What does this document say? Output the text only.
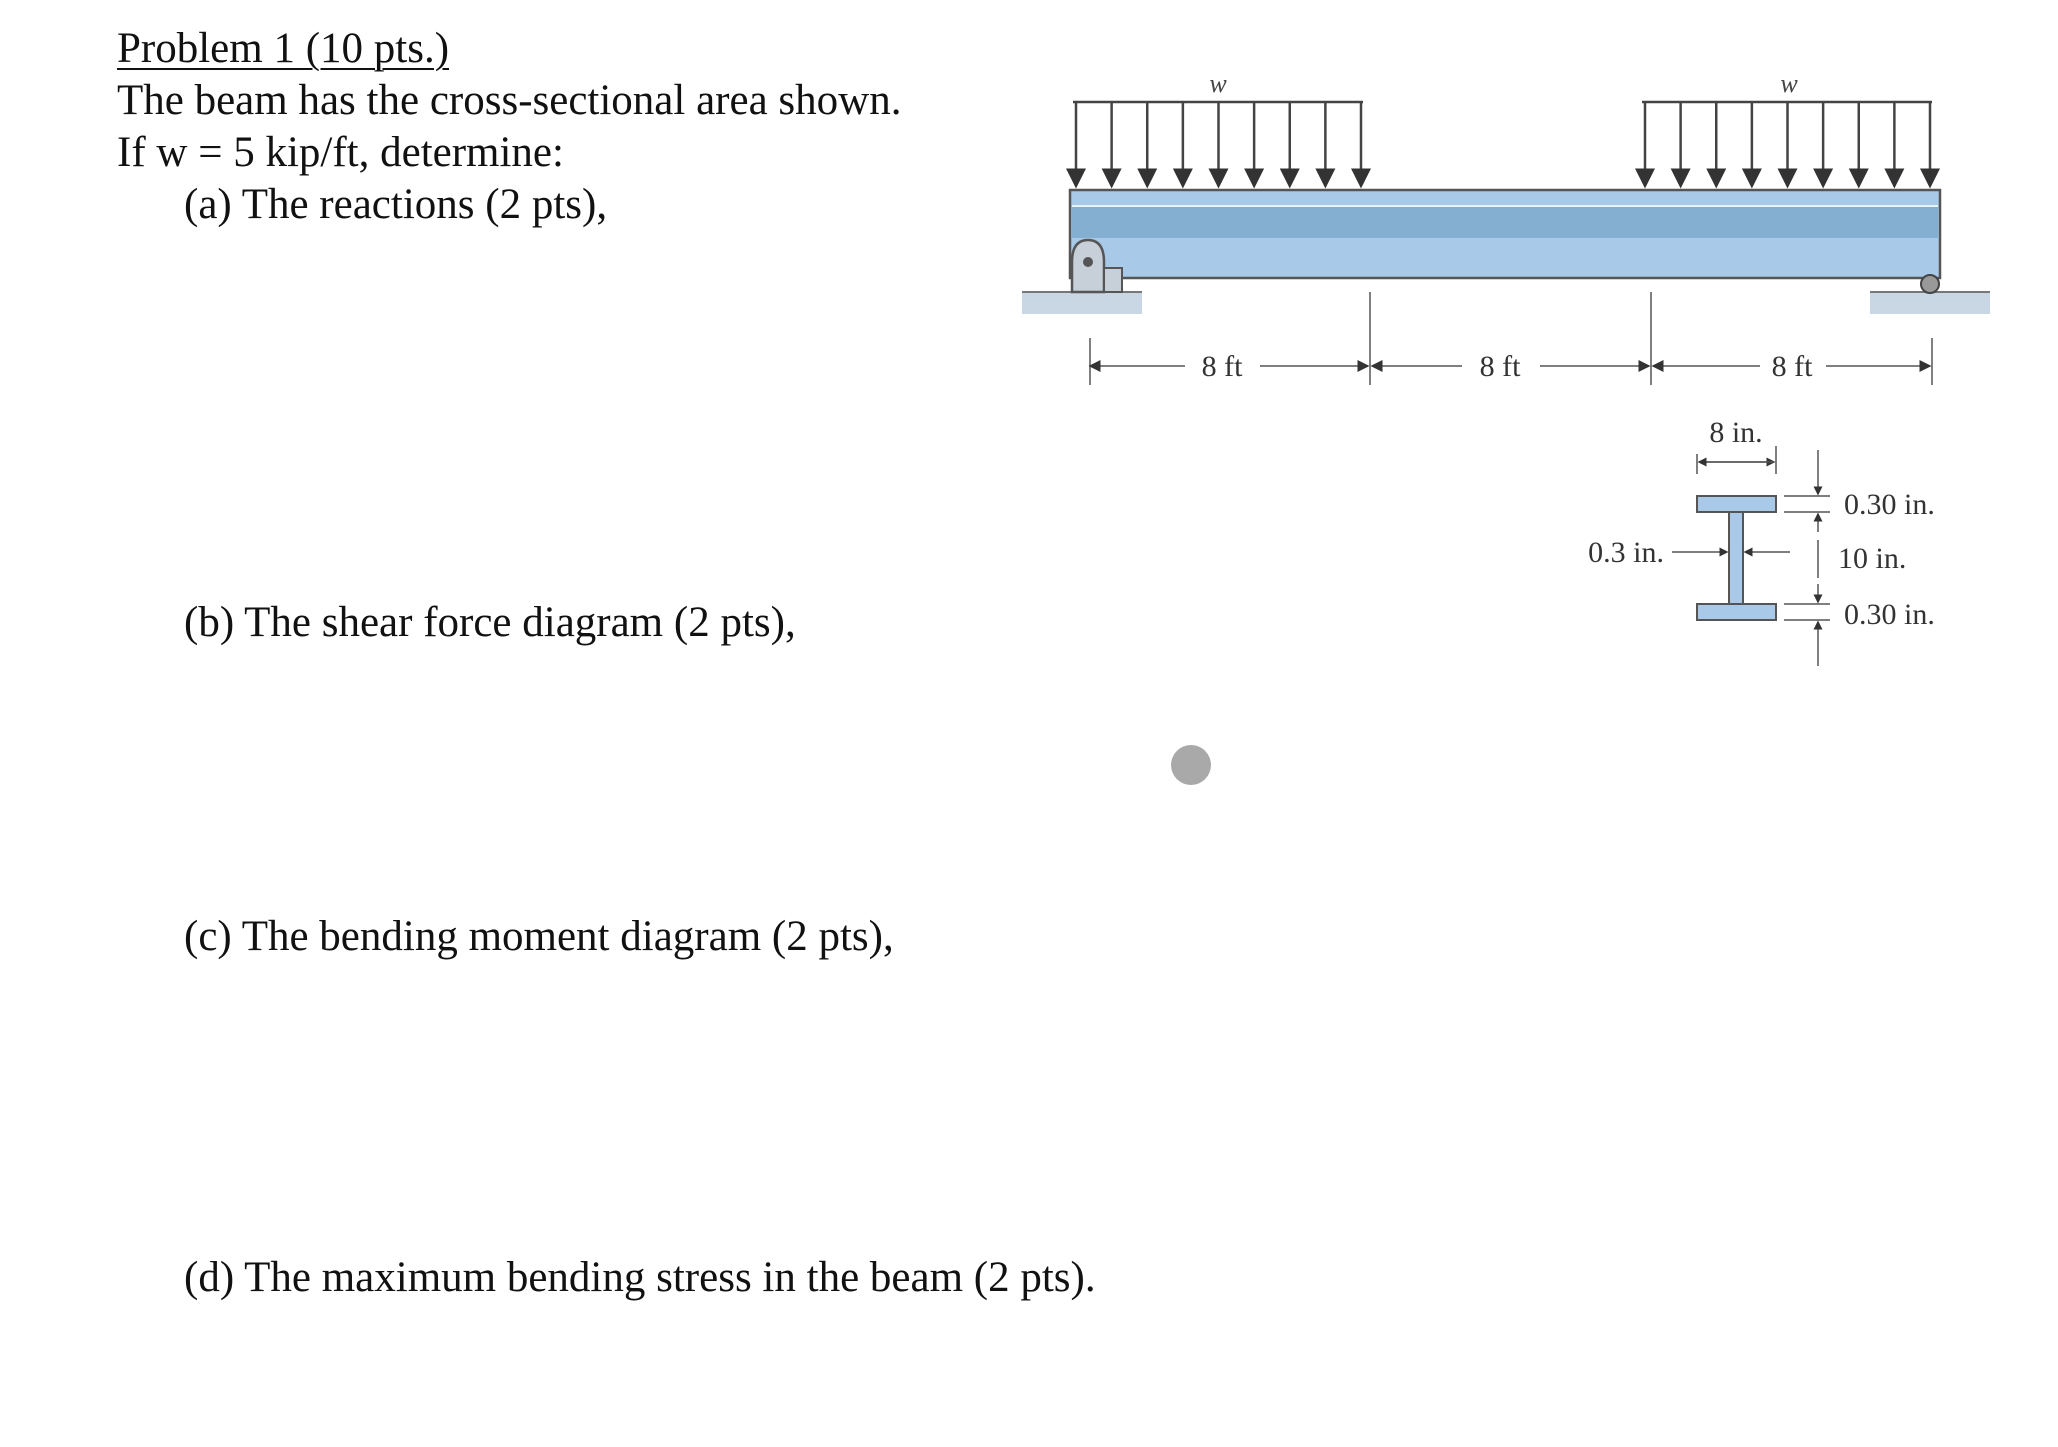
Problem 1 (10 pts.)
The beam has the cross-sectional area shown.
If w = 5 kip/ft, determine:
(a) The reactions (2 pts),
(b) The shear force diagram (2 pts),
(c) The bending moment diagram (2 pts),
(d) The maximum bending stress in the beam (2 pts).
w	w
8 ft	8 ft	8 ft
8 in.
0.3 in.
0.30 in.
10 in.
0.30 in.
